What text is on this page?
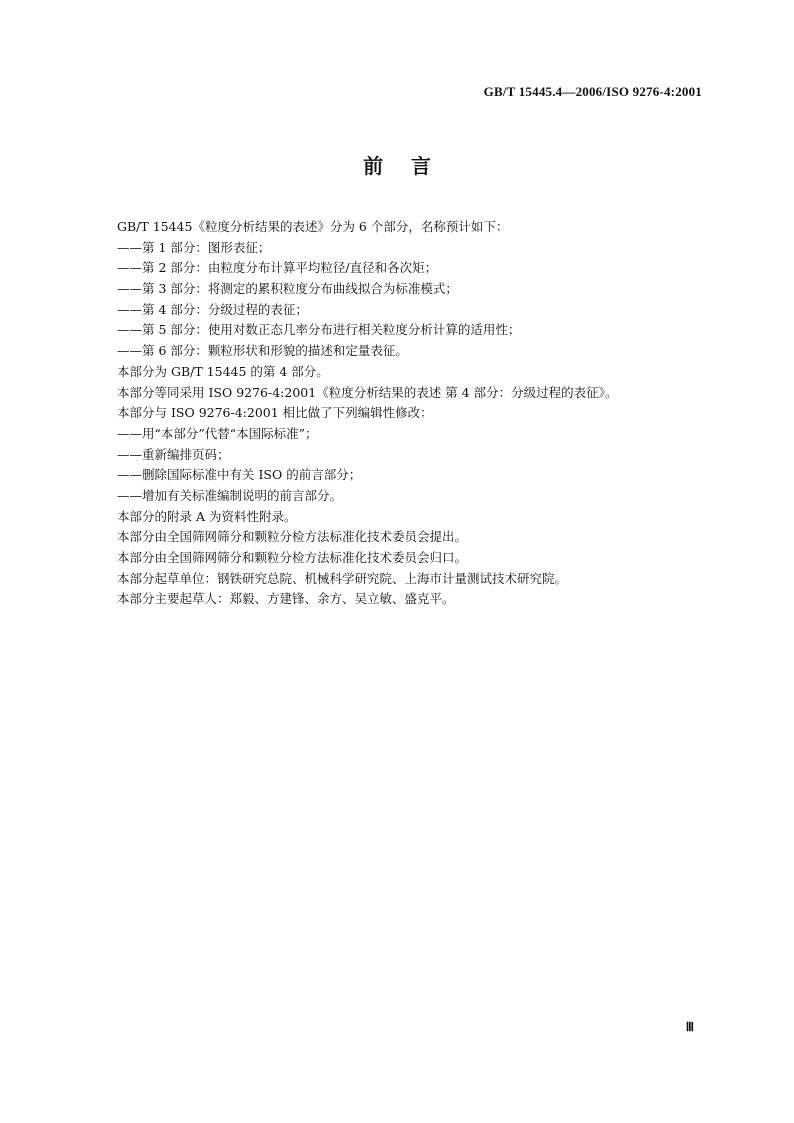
GB/T 15445.4—2006/ISO 9276-4:2001
前    言
GB/T 15445《粒度分析结果的表述》分为 6 个部分，名称预计如下：
——第 1 部分：图形表征；
——第 2 部分：由粒度分布计算平均粒径/直径和各次矩；
——第 3 部分：将测定的累积粒度分布曲线拟合为标准模式；
——第 4 部分：分级过程的表征；
——第 5 部分：使用对数正态几率分布进行相关粒度分析计算的适用性；
——第 6 部分：颗粒形状和形貌的描述和定量表征。
本部分为 GB/T 15445 的第 4 部分。
本部分等同采用 ISO 9276-4:2001《粒度分析结果的表述 第 4 部分：分级过程的表征》。
本部分与 ISO 9276-4:2001 相比做了下列编辑性修改：
——用“本部分”代替“本国际标准”；
——重新编排页码；
——删除国际标准中有关 ISO 的前言部分；
——增加有关标准编制说明的前言部分。
本部分的附录 A 为资料性附录。
本部分由全国筛网筛分和颗粒分检方法标准化技术委员会提出。
本部分由全国筛网筛分和颗粒分检方法标准化技术委员会归口。
本部分起草单位：钢铁研究总院、机械科学研究院、上海市计量测试技术研究院。
本部分主要起草人：郑毅、方建锋、余方、吴立敏、盛克平。
Ⅲ
